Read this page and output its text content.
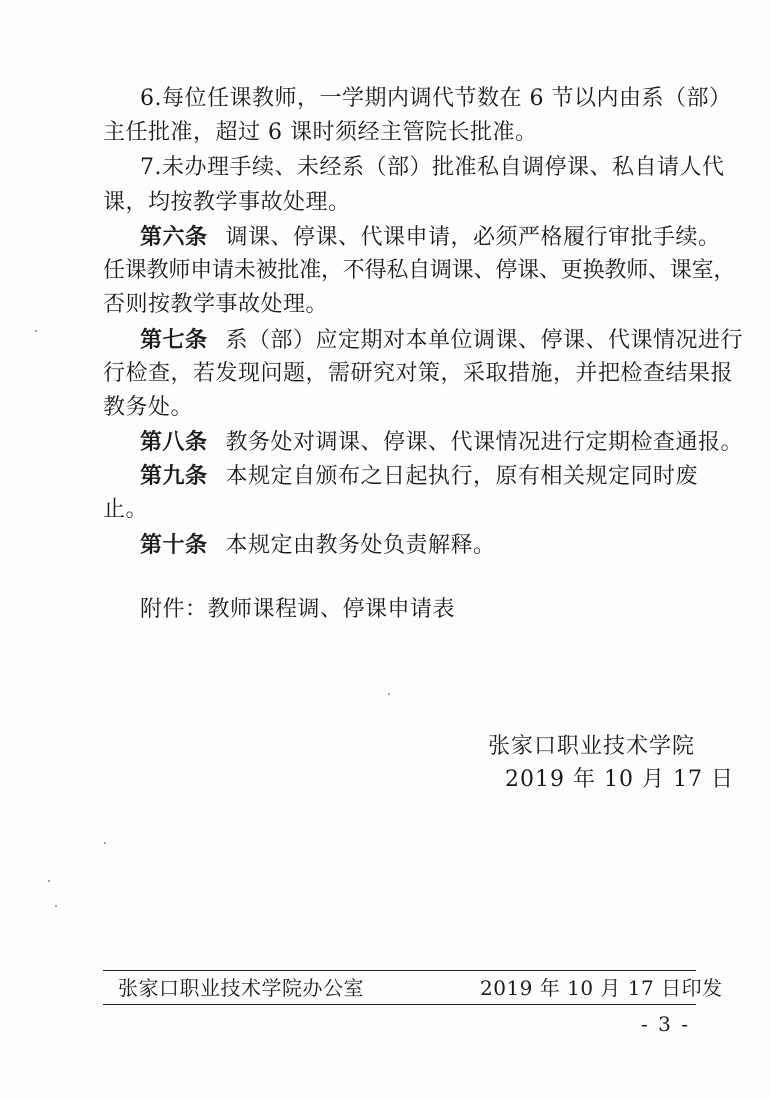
6.每位任课教师，一学期内调代节数在 6 节以内由系（部）
主任批准，超过 6 课时须经主管院长批准。
7.未办理手续、未经系（部）批准私自调停课、私自请人代
课，均按教学事故处理。
第六条 调课、停课、代课申请，必须严格履行审批手续。
任课教师申请未被批准，不得私自调课、停课、更换教师、课室，
否则按教学事故处理。
第七条 系（部）应定期对本单位调课、停课、代课情况进行
行检查，若发现问题，需研究对策，采取措施，并把检查结果报
教务处。
第八条 教务处对调课、停课、代课情况进行定期检查通报。
第九条 本规定自颁布之日起执行，原有相关规定同时废
止。
第十条 本规定由教务处负责解释。
附件：教师课程调、停课申请表
张家口职业技术学院
2019 年 10 月 17 日
张家口职业技术学院办公室	2019 年 10 月 17 日印发
- 3 -
